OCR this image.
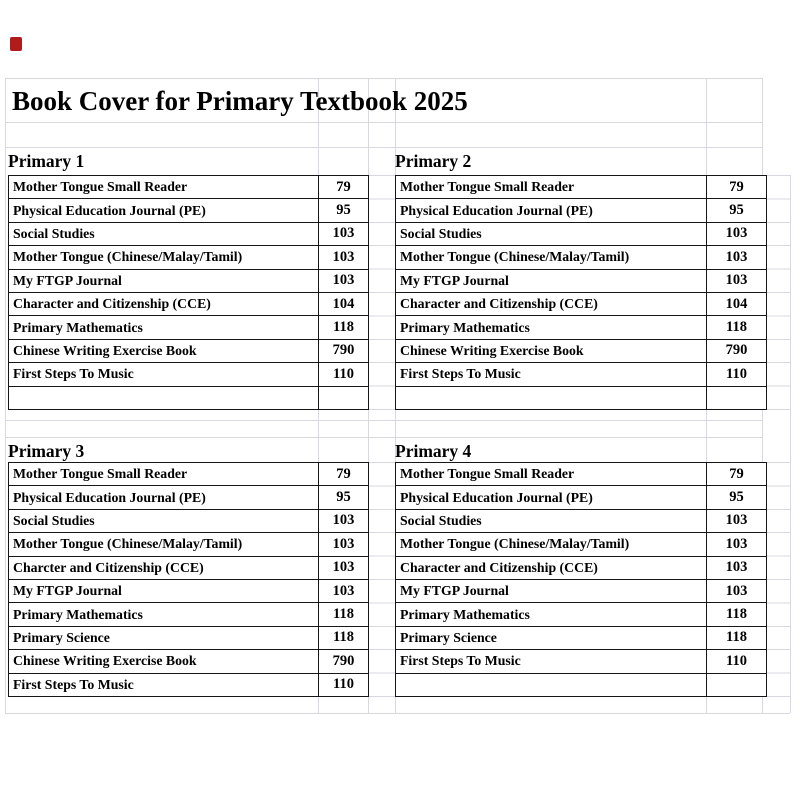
Book Cover for Primary Textbook 2025
Primary 1
Mother Tongue Small Reader	79
Physical Education Journal (PE)	95
Social Studies	103
Mother Tongue (Chinese/Malay/Tamil)	103
My FTGP Journal	103
Character and Citizenship (CCE)	104
Primary Mathematics	118
Chinese Writing Exercise Book	790
First Steps To Music	110

Primary 2
Mother Tongue Small Reader	79
Physical Education Journal (PE)	95
Social Studies	103
Mother Tongue (Chinese/Malay/Tamil)	103
My FTGP Journal	103
Character and Citizenship (CCE)	104
Primary Mathematics	118
Chinese Writing Exercise Book	790
First Steps To Music	110

Primary 3
Mother Tongue Small Reader	79
Physical Education Journal (PE)	95
Social Studies	103
Mother Tongue (Chinese/Malay/Tamil)	103
Charcter and Citizenship (CCE)	103
My FTGP Journal	103
Primary Mathematics	118
Primary Science	118
Chinese Writing Exercise Book	790
First Steps To Music	110
Primary 4
Mother Tongue Small Reader	79
Physical Education Journal (PE)	95
Social Studies	103
Mother Tongue (Chinese/Malay/Tamil)	103
Character and Citizenship (CCE)	103
My FTGP Journal	103
Primary Mathematics	118
Primary Science	118
First Steps To Music	110
